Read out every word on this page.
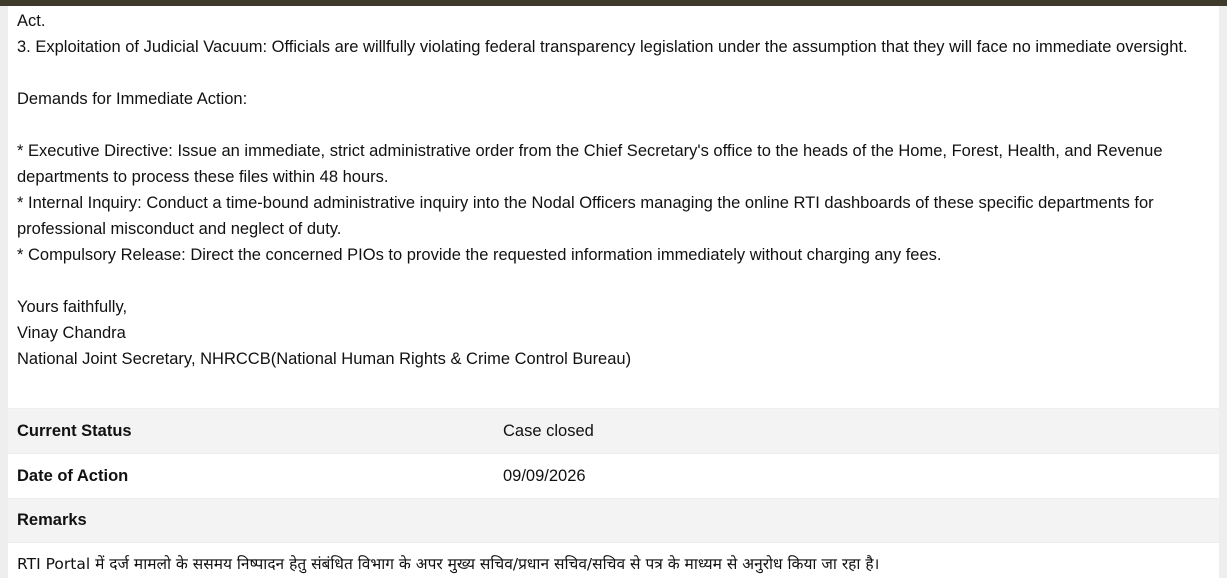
Act.

3. Exploitation of Judicial Vacuum: Officials are willfully violating federal transparency legislation under the assumption that they will face no immediate oversight.

Demands for Immediate Action:

* Executive Directive: Issue an immediate, strict administrative order from the Chief Secretary's office to the heads of the Home, Forest, Health, and Revenue departments to process these files within 48 hours.

* Internal Inquiry: Conduct a time-bound administrative inquiry into the Nodal Officers managing the online RTI dashboards of these specific departments for professional misconduct and neglect of duty.

* Compulsory Release: Direct the concerned PIOs to provide the requested information immediately without charging any fees.

Yours faithfully,

Vinay Chandra

National Joint Secretary, NHRCCB(National Human Rights & Crime Control Bureau)

Current Status	Case closed
Date of Action	09/09/2026
Remarks
RTI Portal में दर्ज मामलो के ससमय निष्पादन हेतु संबंधित विभाग के अपर मुख्य सचिव/प्रधान सचिव/सचिव से पत्र के माध्यम से अनुरोध किया जा रहा है।
